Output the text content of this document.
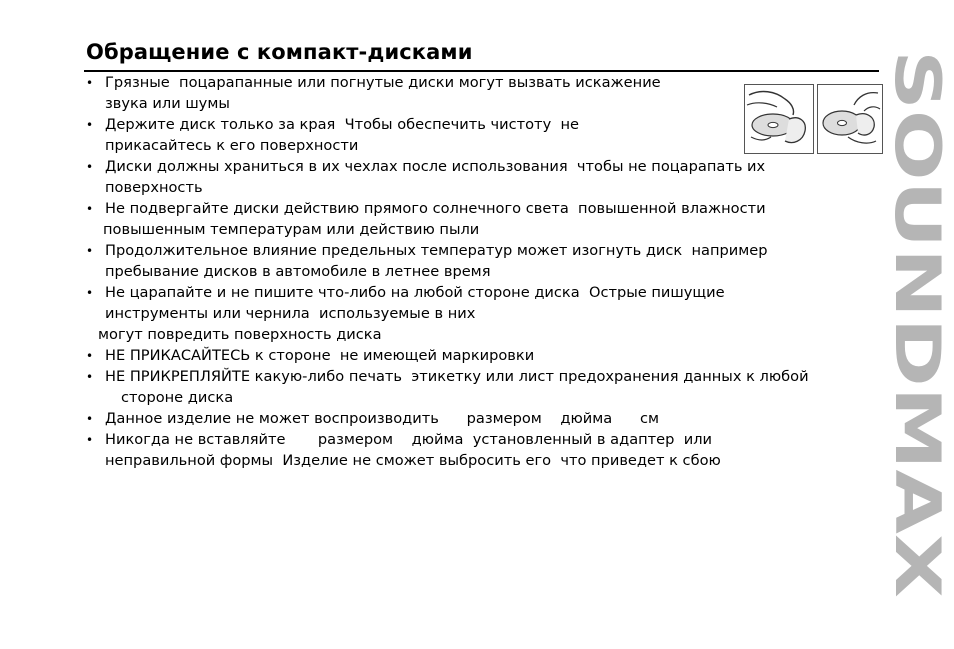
Обращение с компакт-дисками	SOUNDMAX
• Грязные  поцарапанные или погнутые диски могут вызвать искажение
звука или шумы
• Держите диск только за края  Чтобы обеспечить чистоту  не
прикасайтесь к его поверхности
• Диски должны храниться в их чехлах после использования  чтобы не поцарапать их
поверхность
• Не подвергайте диски действию прямого солнечного света  повышенной влажности
повышенным температурам или действию пыли
• Продолжительное влияние предельных температур может изогнуть диск  например
пребывание дисков в автомобиле в летнее время
• Не царапайте и не пишите что-либо на любой стороне диска  Острые пишущие
инструменты или чернила  используемые в них
могут повредить поверхность диска
• НЕ ПРИКАСАЙТЕСЬ к стороне  не имеющей маркировки
• НЕ ПРИКРЕПЛЯЙТЕ какую-либо печать  этикетку или лист предохранения данных к любой
стороне диска
• Данное изделие не может воспроизводить      размером    дюйма      см
• Никогда не вставляйте       размером    дюйма  установленный в адаптер  или
неправильной формы  Изделие не сможет выбросить его  что приведет к сбою
